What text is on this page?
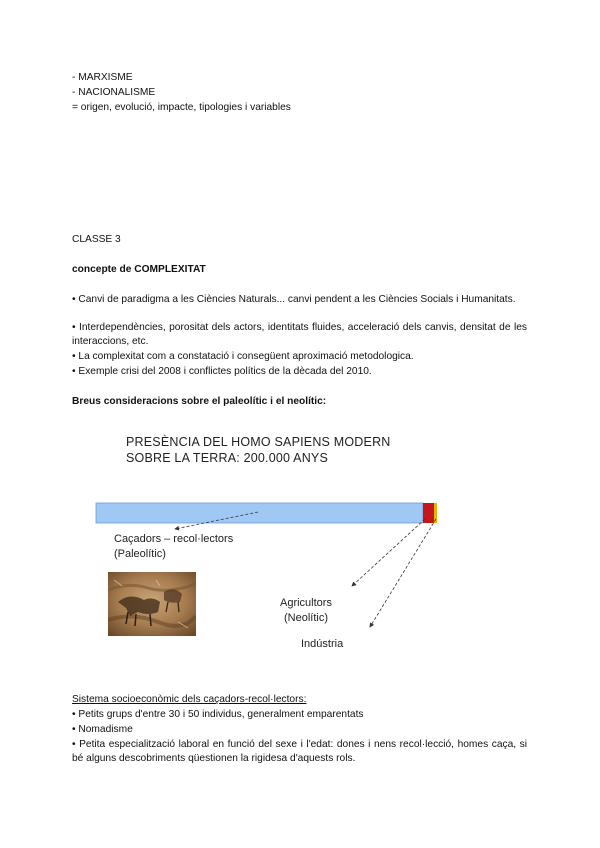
- MARXISME
- NACIONALISME
= origen, evolució, impacte, tipologies i variables
CLASSE 3
concepte de COMPLEXITAT
• Canvi de paradigma a les Ciències Naturals... canvi pendent a les Ciències Socials i Humanitats.
• Interdependències, porositat dels actors, identitats fluides, acceleració dels canvis, densitat de les interaccions, etc.
• La complexitat com a constatació i consegüent aproximació metodologica.
• Exemple crisi del 2008 i conflictes polítics de la dècada del 2010.
Breus consideracions sobre el paleolític i el neolític:
PRESÈNCIA DEL HOMO SAPIENS MODERN
SOBRE LA TERRA: 200.000 ANYS
Caçadors – recol·lectors
(Paleolític)
Agricultors
(Neolític)
Indústria
Sistema socioeconòmic dels caçadors-recol·lectors:
• Petits grups d'entre 30 i 50 individus, generalment emparentats
• Nomadisme
• Petita especialització laboral en funció del sexe i l'edat: dones i nens recol·lecció, homes caça, si bé alguns descobriments qüestionen la rigidesa d'aquests rols.
